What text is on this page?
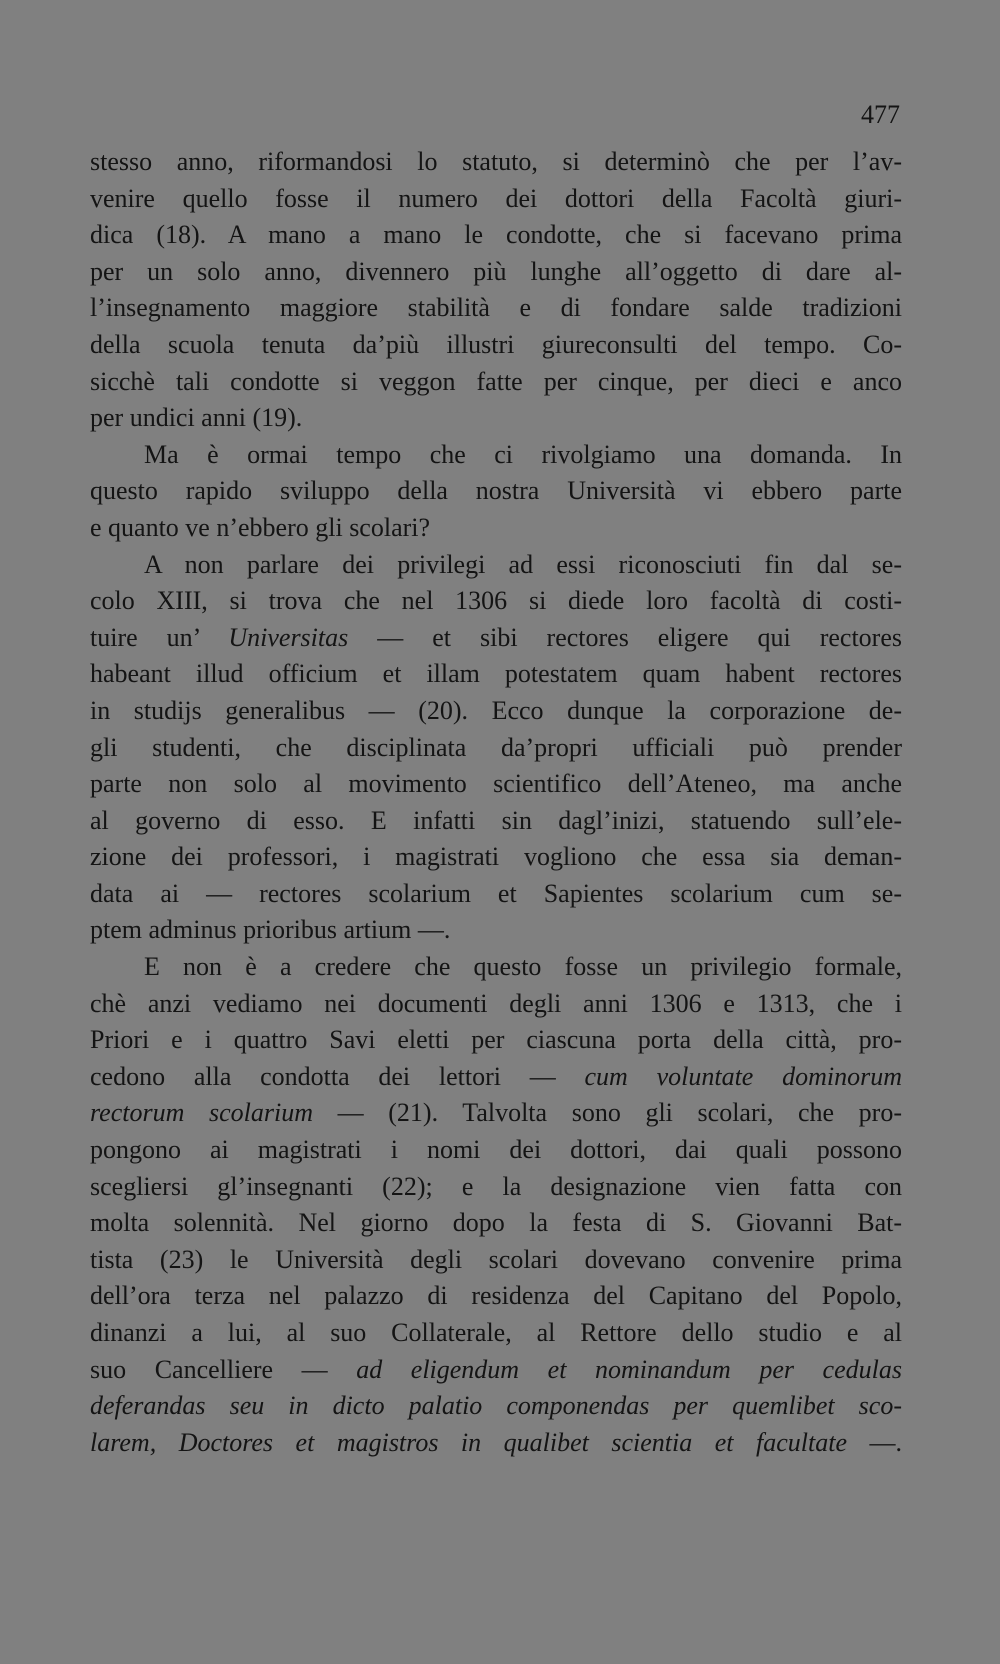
477
stesso anno, riformandosi lo statuto, si determinò che per l’av-
venire quello fosse il numero dei dottori della Facoltà giuri-
dica (18). A mano a mano le condotte, che si facevano prima
per un solo anno, divennero più lunghe all’oggetto di dare al-
l’insegnamento maggiore stabilità e di fondare salde tradizioni
della scuola tenuta da’più illustri giureconsulti del tempo. Co-
sicchè tali condotte si veggon fatte per cinque, per dieci e anco
per undici anni (19).
Ma è ormai tempo che ci rivolgiamo una domanda. In
questo rapido sviluppo della nostra Università vi ebbero parte
e quanto ve n’ebbero gli scolari?
A non parlare dei privilegi ad essi riconosciuti fin dal se-
colo XIII, si trova che nel 1306 si diede loro facoltà di costi-
tuire un’ Universitas — et sibi rectores eligere qui rectores
habeant illud officium et illam potestatem quam habent rectores
in studijs generalibus — (20). Ecco dunque la corporazione de-
gli studenti, che disciplinata da’propri ufficiali può prender
parte non solo al movimento scientifico dell’Ateneo, ma anche
al governo di esso. E infatti sin dagl’inizi, statuendo sull’ele-
zione dei professori, i magistrati vogliono che essa sia deman-
data ai — rectores scolarium et Sapientes scolarium cum se-
ptem adminus prioribus artium —.
E non è a credere che questo fosse un privilegio formale,
chè anzi vediamo nei documenti degli anni 1306 e 1313, che i
Priori e i quattro Savi eletti per ciascuna porta della città, pro-
cedono alla condotta dei lettori — cum voluntate dominorum
rectorum scolarium — (21). Talvolta sono gli scolari, che pro-
pongono ai magistrati i nomi dei dottori, dai quali possono
scegliersi gl’insegnanti (22); e la designazione vien fatta con
molta solennità. Nel giorno dopo la festa di S. Giovanni Bat-
tista (23) le Università degli scolari dovevano convenire prima
dell’ora terza nel palazzo di residenza del Capitano del Popolo,
dinanzi a lui, al suo Collaterale, al Rettore dello studio e al
suo Cancelliere — ad eligendum et nominandum per cedulas
deferandas seu in dicto palatio componendas per quemlibet sco-
larem, Doctores et magistros in qualibet scientia et facultate —.
